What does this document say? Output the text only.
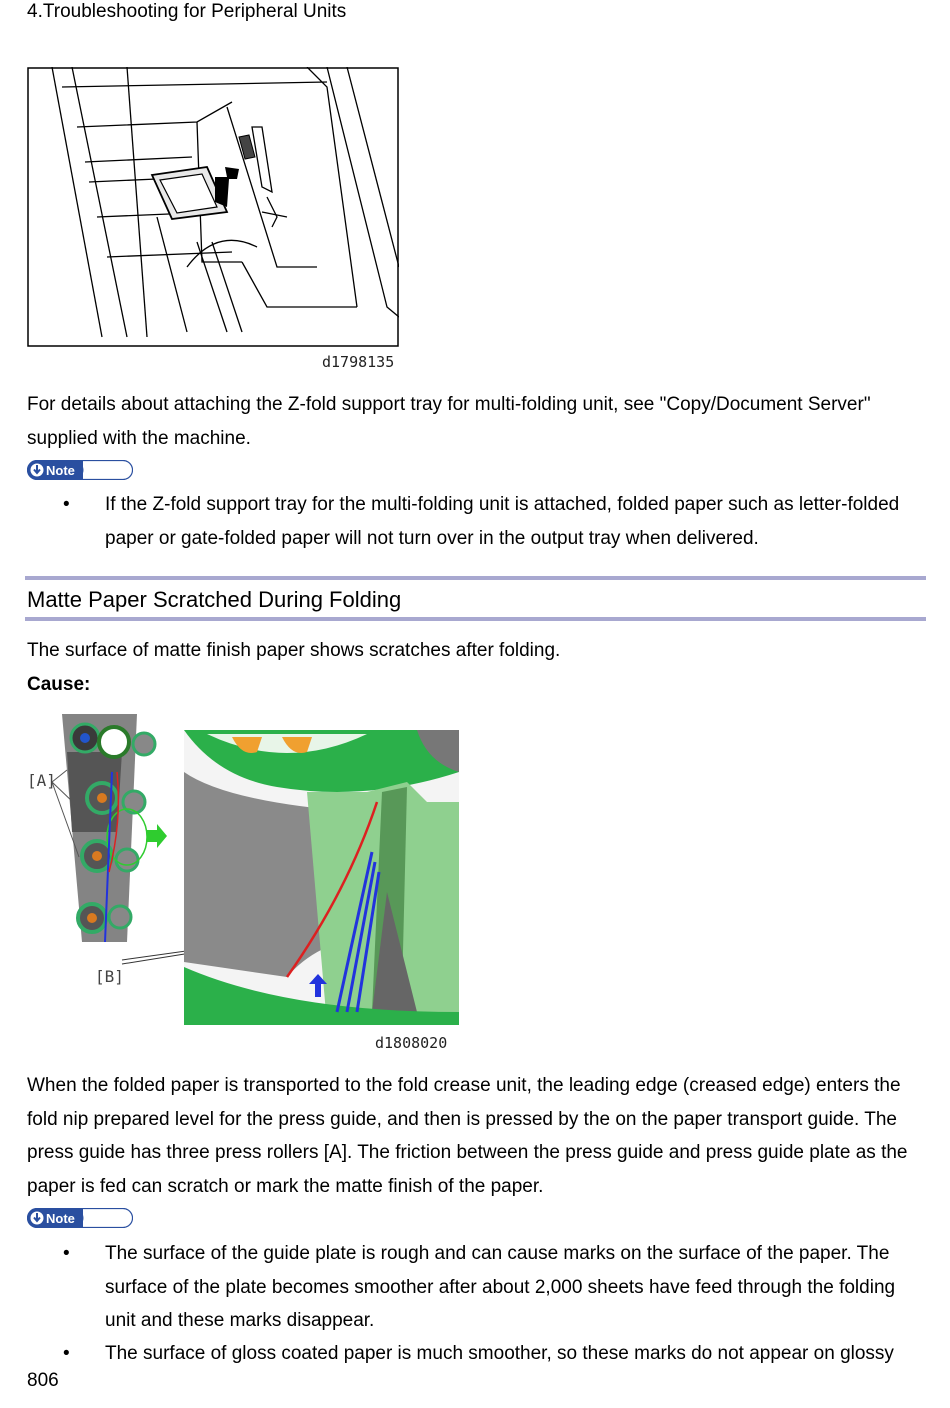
4.Troubleshooting for Peripheral Units
d1798135
For details about attaching the Z-fold support tray for multi-folding unit, see "Copy/Document Server" supplied with the machine.
Note
• If the Z-fold support tray for the multi-folding unit is attached, folded paper such as letter-folded paper or gate-folded paper will not turn over in the output tray when delivered.
Matte Paper Scratched During Folding
The surface of matte finish paper shows scratches after folding.
Cause:
[A]
[B]
d1808020
When the folded paper is transported to the fold crease unit, the leading edge (creased edge) enters the fold nip prepared level for the press guide, and then is pressed by the on the paper transport guide. The press guide has three press rollers [A]. The friction between the press guide and press guide plate as the paper is fed can scratch or mark the matte finish of the paper.
Note
• The surface of the guide plate is rough and can cause marks on the surface of the paper. The surface of the plate becomes smoother after about 2,000 sheets have feed through the folding unit and these marks disappear.
• The surface of gloss coated paper is much smoother, so these marks do not appear on glossy
806
